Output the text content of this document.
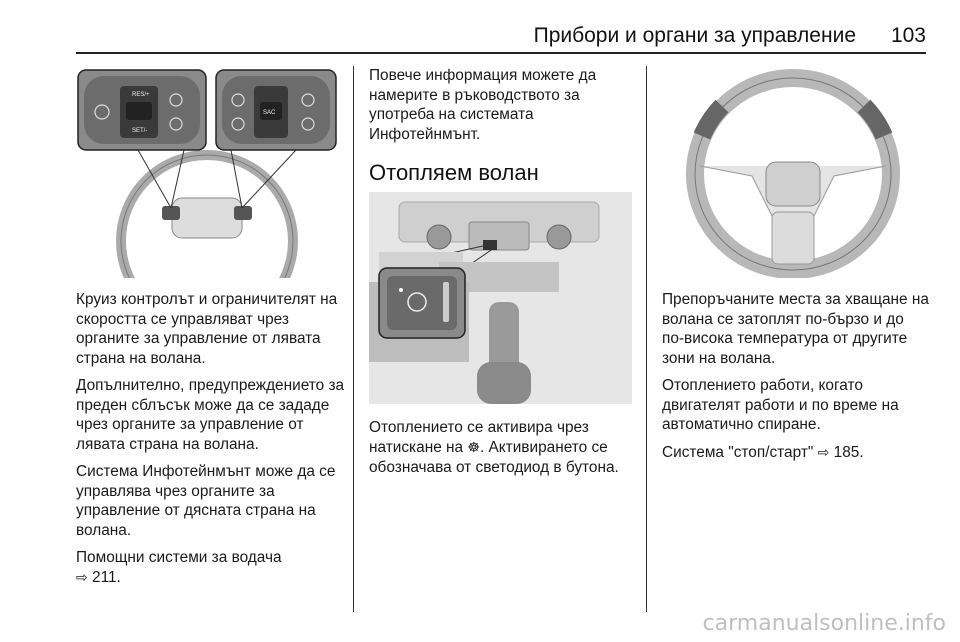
Прибори и органи за управление 103
RES/+
SET/-
SAC

Круиз контролът и ограничителят на скоростта се управляват чрез органите за управление от лявата страна на волана.

Допълнително, предупреждението за преден сблъсък може да се зададе чрез органите за управление от лявата страна на волана.

Система Инфотейнмънт може да се управлява чрез органите за управление от дясната страна на волана.

Помощни системи за водача
⇨ 211.

Повече информация можете да намерите в ръководството за употреба на системата Инфотейнмънт.

Отопляем волан

Отоплението се активира чрез натискане на ☸. Активирането се обозначава от светодиод в бутона.

Препоръчаните места за хващане на волана се затоплят по-бързо и до по-висока температура от другите зони на волана.

Отоплението работи, когато двигателят работи и по време на автоматично спиране.

Система "стоп/старт" ⇨ 185.

carmanualsonline.info
